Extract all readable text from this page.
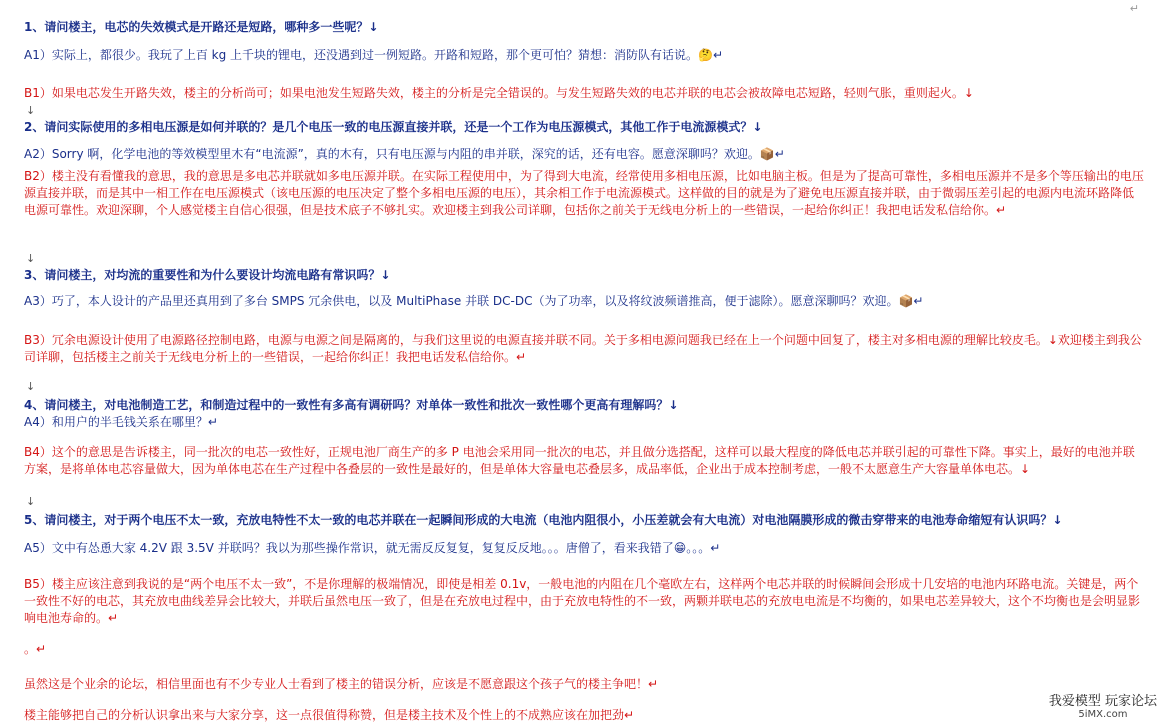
↵

1、请问楼主，电芯的失效模式是开路还是短路，哪种多一些呢？↓

A1）实际上，都很少。我玩了上百 kg 上千块的锂电，还没遇到过一例短路。开路和短路，那个更可怕？猜想：消防队有话说。🤔↵

B1）如果电芯发生开路失效，楼主的分析尚可；如果电池发生短路失效，楼主的分析是完全错误的。与发生短路失效的电芯并联的电芯会被故障电芯短路，轻则气胀，重则起火。↓

2、请问实际使用的多相电压源是如何并联的？是几个电压一致的电压源直接并联，还是一个工作为电压源模式，其他工作于电流源模式？↓

A2）Sorry 啊，化学电池的等效模型里木有“电流源”，真的木有，只有电压源与内阻的串并联，深究的话，还有电容。愿意深聊吗？欢迎。📦↵

B2）楼主没有看懂我的意思，我的意思是多电芯并联就如多电压源并联。在实际工程使用中，为了得到大电流，经常使用多相电压源，比如电脑主板。但是为了提高可靠性，多相电压源并不是多个等压输出的电压源直接并联，而是其中一相工作在电压源模式（该电压源的电压决定了整个多相电压源的电压），其余相工作于电流源模式。这样做的目的就是为了避免电压源直接并联，由于微弱压差引起的电源内电流环路降低电源可靠性。欢迎深聊，个人感觉楼主自信心很强，但是技术底子不够扎实。欢迎楼主到我公司详聊，包括你之前关于无线电分析上的一些错误，一起给你纠正！我把电话发私信给你。↵

3、请问楼主，对均流的重要性和为什么要设计均流电路有常识吗？↓

A3）巧了，本人设计的产品里还真用到了多台 SMPS 冗余供电，以及 MultiPhase 并联 DC-DC（为了功率，以及将纹波频谱推高，便于滤除）。愿意深聊吗？欢迎。📦↵

B3）冗余电源设计使用了电源路径控制电路，电源与电源之间是隔离的，与我们这里说的电源直接并联不同。关于多相电源问题我已经在上一个问题中回复了，楼主对多相电源的理解比较皮毛。↓欢迎楼主到我公司详聊，包括楼主之前关于无线电分析上的一些错误，一起给你纠正！我把电话发私信给你。↵

4、请问楼主，对电池制造工艺，和制造过程中的一致性有多高有调研吗？对单体一致性和批次一致性哪个更高有理解吗？↓

A4）和用户的半毛钱关系在哪里？↵

B4）这个的意思是告诉楼主，同一批次的电芯一致性好，正规电池厂商生产的多 P 电池会采用同一批次的电芯，并且做分选搭配，这样可以最大程度的降低电芯并联引起的可靠性下降。事实上，最好的电池并联方案，是将单体电芯容量做大，因为单体电芯在生产过程中各叠层的一致性是最好的，但是单体大容量电芯叠层多，成品率低，企业出于成本控制考虑，一般不太愿意生产大容量单体电芯。↓

5、请问楼主，对于两个电压不太一致，充放电特性不太一致的电芯并联在一起瞬间形成的大电流（电池内阻很小，小压差就会有大电流）对电池隔膜形成的微击穿带来的电池寿命缩短有认识吗？↓

A5）文中有怂恿大家 4.2V 跟 3.5V 并联吗？我以为那些操作常识，就无需反反复复，复复反反地。。。唐僧了，看来我错了😁。。。↵

B5）楼主应该注意到我说的是“两个电压不太一致”，不是你理解的极端情况，即使是相差 0.1v，一般电池的内阻在几个毫欧左右，这样两个电芯并联的时候瞬间会形成十几安培的电池内环路电流。关键是，两个一致性不好的电芯，其充放电曲线差异会比较大，并联后虽然电压一致了，但是在充放电过程中，由于充放电特性的不一致，两颗并联电芯的充放电电流是不均衡的，如果电芯差异较大，这个不均衡也是会明显影响电池寿命的。↵

。↵

虽然这是个业余的论坛，相信里面也有不少专业人士看到了楼主的错误分析，应该是不愿意跟这个孩子气的楼主争吧！↵

楼主能够把自己的分析认识拿出来与大家分享，这一点很值得称赞，但是楼主技术及个性上的不成熟应该在加把劲↵

↓
↓
↓
↓
我爱模型 玩家论坛
5iMX.com
